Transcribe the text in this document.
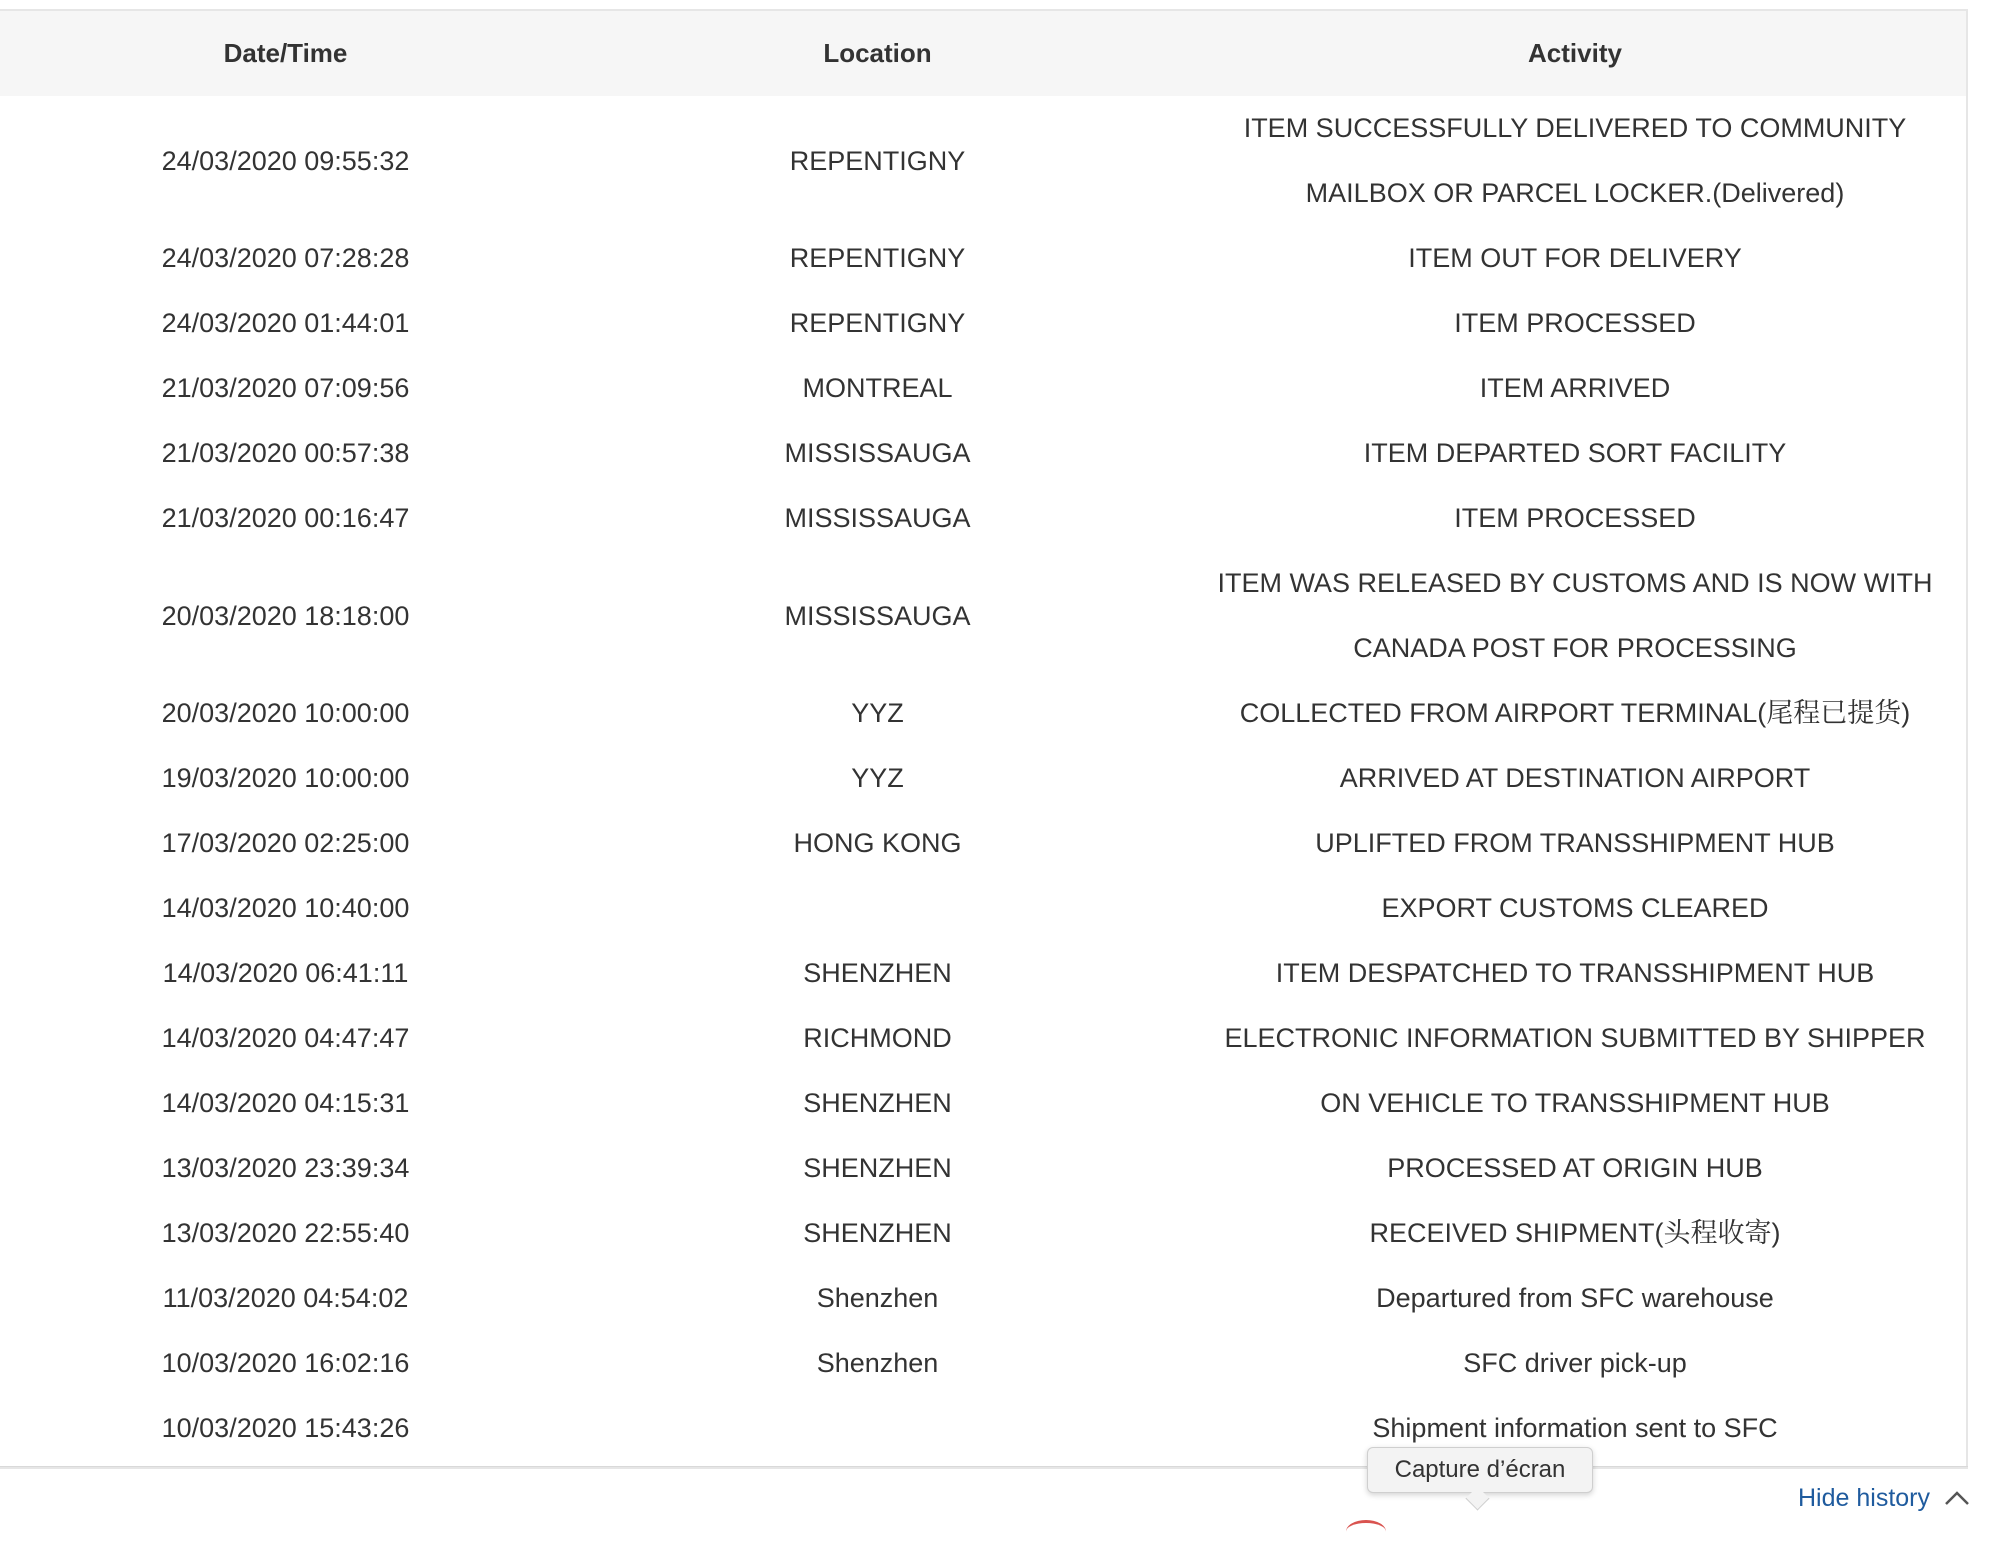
Date/Time	Location	Activity
24/03/2020 09:55:32	REPENTIGNY	ITEM SUCCESSFULLY DELIVERED TO COMMUNITY
MAILBOX OR PARCEL LOCKER.(Delivered)

24/03/2020 07:28:28	REPENTIGNY	ITEM OUT FOR DELIVERY

24/03/2020 01:44:01	REPENTIGNY	ITEM PROCESSED

21/03/2020 07:09:56	MONTREAL	ITEM ARRIVED

21/03/2020 00:57:38	MISSISSAUGA	ITEM DEPARTED SORT FACILITY

21/03/2020 00:16:47	MISSISSAUGA	ITEM PROCESSED

20/03/2020 18:18:00	MISSISSAUGA	ITEM WAS RELEASED BY CUSTOMS AND IS NOW WITH
CANADA POST FOR PROCESSING

20/03/2020 10:00:00	YYZ	COLLECTED FROM AIRPORT TERMINAL(尾程已提货)

19/03/2020 10:00:00	YYZ	ARRIVED AT DESTINATION AIRPORT

17/03/2020 02:25:00	HONG KONG	UPLIFTED FROM TRANSSHIPMENT HUB

14/03/2020 10:40:00		EXPORT CUSTOMS CLEARED

14/03/2020 06:41:11	SHENZHEN	ITEM DESPATCHED TO TRANSSHIPMENT HUB

14/03/2020 04:47:47	RICHMOND	ELECTRONIC INFORMATION SUBMITTED BY SHIPPER

14/03/2020 04:15:31	SHENZHEN	ON VEHICLE TO TRANSSHIPMENT HUB

13/03/2020 23:39:34	SHENZHEN	PROCESSED AT ORIGIN HUB

13/03/2020 22:55:40	SHENZHEN	RECEIVED SHIPMENT(头程收寄)

11/03/2020 04:54:02	Shenzhen	Departured from SFC warehouse

10/03/2020 16:02:16	Shenzhen	SFC driver pick-up

10/03/2020 15:43:26		Shipment information sent to SFC
Capture d’écran
Hide history
